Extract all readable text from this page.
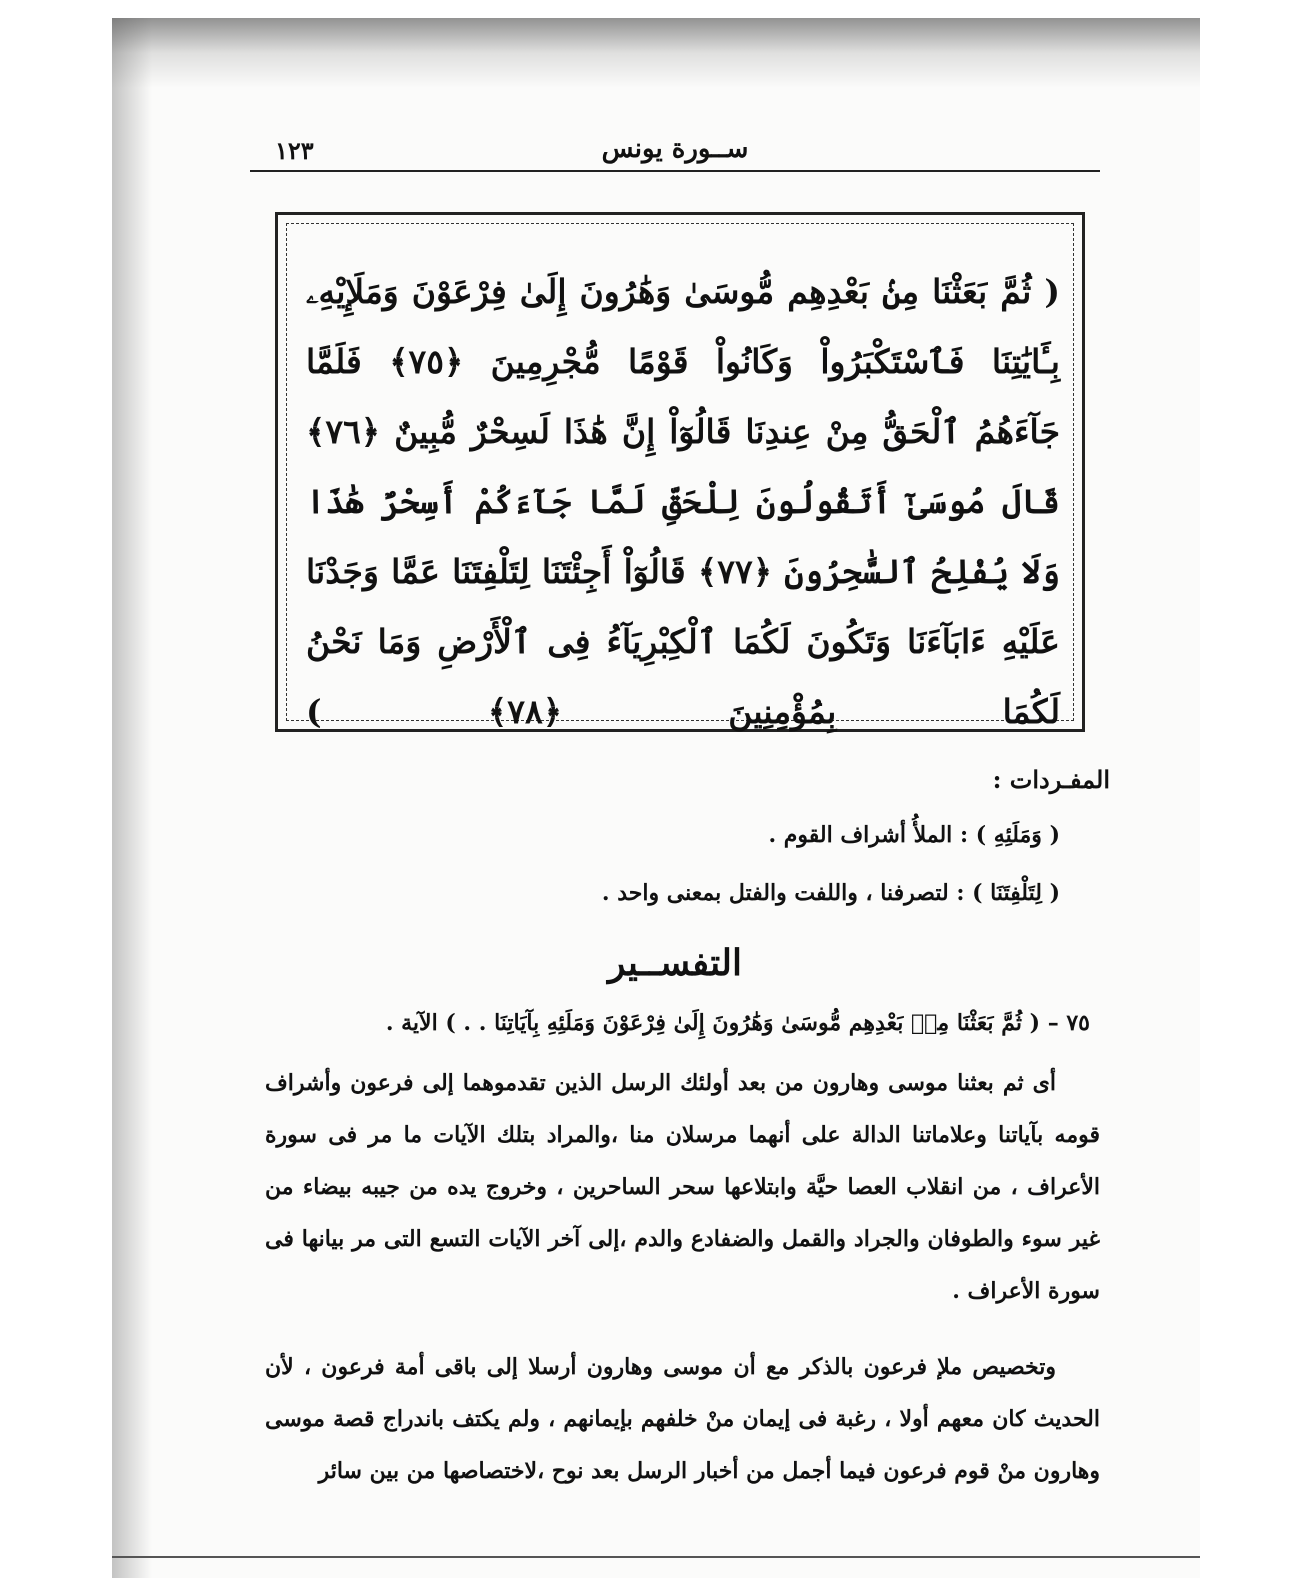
ســورة يونس
١٢٣
( ثُمَّ بَعَثْنَا مِنۢ بَعْدِهِم مُّوسَىٰ وَهَٰرُونَ إِلَىٰ فِرْعَوْنَ وَمَلَإِيْهِۦ بِـَٔايَٰتِنَا فَٱسْتَكْبَرُواْ وَكَانُواْ قَوْمًا مُّجْرِمِينَ ﴿٧٥﴾ فَلَمَّا جَآءَهُمُ ٱلْحَقُّ مِنْ عِندِنَا قَالُوٓاْ إِنَّ هَٰذَا لَسِحْرٌ مُّبِينٌ ﴿٧٦﴾ قَالَ مُوسَىٰٓ أَتَقُولُونَ لِلْحَقِّ لَمَّا جَآءَكُمْ أَسِحْرٌ هَٰذَا وَلَا يُفْلِحُ ٱلسَّٰحِرُونَ ﴿٧٧﴾ قَالُوٓاْ أَجِئْتَنَا لِتَلْفِتَنَا عَمَّا وَجَدْنَا عَلَيْهِ ءَابَآءَنَا وَتَكُونَ لَكُمَا ٱلْكِبْرِيَآءُ فِى ٱلْأَرْضِ وَمَا نَحْنُ لَكُمَا بِمُؤْمِنِينَ ﴿٧٨﴾ )
المفـردات :
( وَمَلَئِهِ ) : الملأُ أشراف القوم .
( لِتَلْفِتَنَا ) : لتصرفنا ، واللفت والفتل بمعنى واحد .
التفســير
٧٥ – ( ثُمَّ بَعَثْنَا مِنۢ بَعْدِهِم مُّوسَىٰ وَهَٰرُونَ إِلَىٰ فِرْعَوْنَ وَمَلَئِهِ بِآيَاتِنَا . . ) الآية .

أى ثم بعثنا موسى وهارون من بعد أولئك الرسل الذين تقدموهما إلى فرعون وأشراف قومه بآياتنا وعلاماتنا الدالة على أنهما مرسلان منا ،والمراد بتلك الآيات ما مر فى سورة الأعراف ، من انقلاب العصا حيَّة وابتلاعها سحر الساحرين ، وخروج يده من جيبه بيضاء من غير سوء والطوفان والجراد والقمل والضفادع والدم ،إلى آخر الآيات التسع التى مر بيانها فى سورة الأعراف .

وتخصيص ملإ فرعون بالذكر مع أن موسى وهارون أرسلا إلى باقى أمة فرعون ، لأن الحديث كان معهم أولا ، رغبة فى إيمان منْ خلفهم بإيمانهم ، ولم يكتف باندراج قصة موسى وهارون منْ قوم فرعون فيما أجمل من أخبار الرسل بعد نوح ،لاختصاصها من بين سائر
